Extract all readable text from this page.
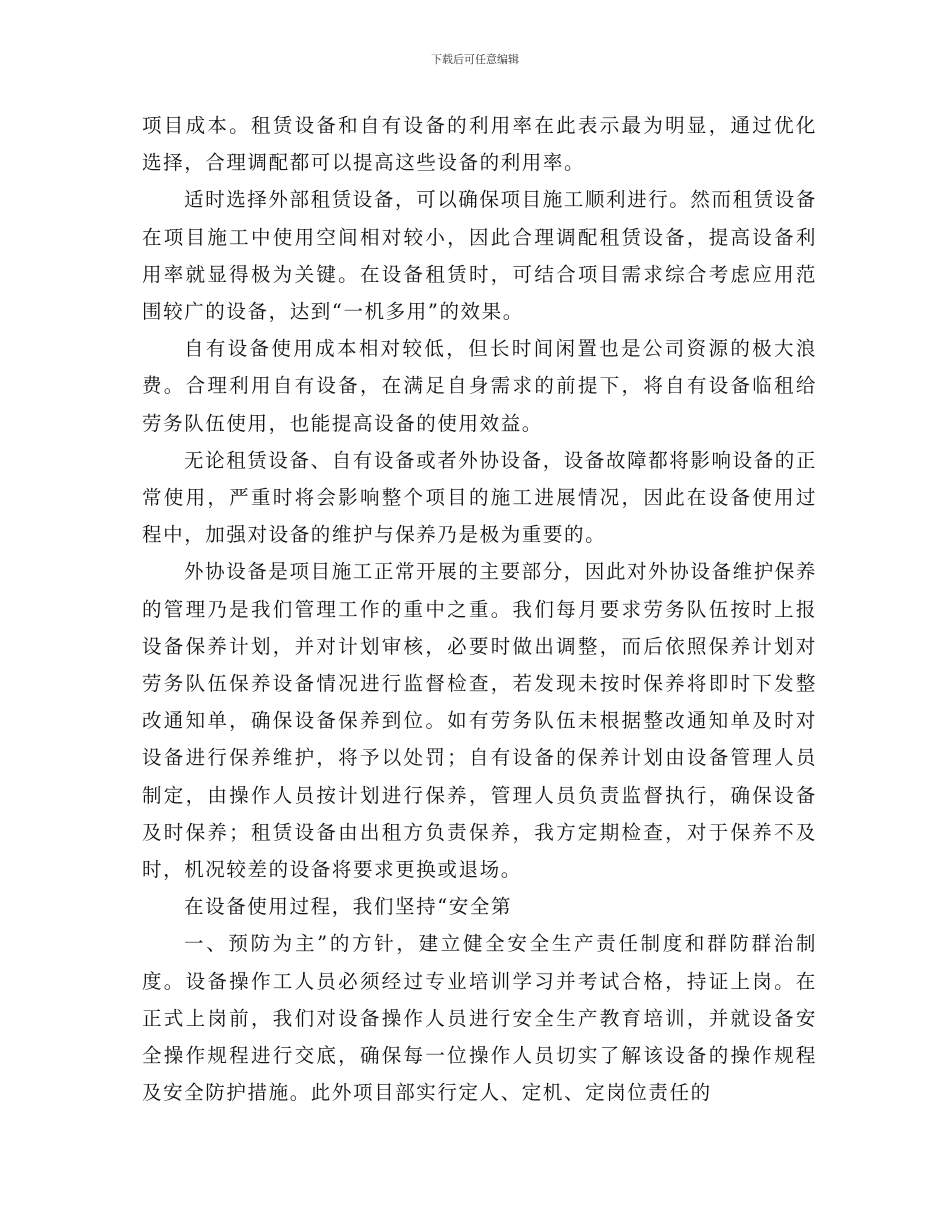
下载后可任意编辑

项目成本。租赁设备和自有设备的利用率在此表示最为明显，通过优化选择，合理调配都可以提高这些设备的利用率。

适时选择外部租赁设备，可以确保项目施工顺利进行。然而租赁设备在项目施工中使用空间相对较小，因此合理调配租赁设备，提高设备利用率就显得极为关键。在设备租赁时，可结合项目需求综合考虑应用范围较广的设备，达到“一机多用”的效果。

自有设备使用成本相对较低，但长时间闲置也是公司资源的极大浪费。合理利用自有设备，在满足自身需求的前提下，将自有设备临租给劳务队伍使用，也能提高设备的使用效益。

无论租赁设备、自有设备或者外协设备，设备故障都将影响设备的正常使用，严重时将会影响整个项目的施工进展情况，因此在设备使用过程中，加强对设备的维护与保养乃是极为重要的。

外协设备是项目施工正常开展的主要部分，因此对外协设备维护保养的管理乃是我们管理工作的重中之重。我们每月要求劳务队伍按时上报设备保养计划，并对计划审核，必要时做出调整，而后依照保养计划对劳务队伍保养设备情况进行监督检查，若发现未按时保养将即时下发整改通知单，确保设备保养到位。如有劳务队伍未根据整改通知单及时对设备进行保养维护，将予以处罚；自有设备的保养计划由设备管理人员制定，由操作人员按计划进行保养，管理人员负责监督执行，确保设备及时保养；租赁设备由出租方负责保养，我方定期检查，对于保养不及时，机况较差的设备将要求更换或退场。

在设备使用过程，我们坚持“安全第

一、预防为主”的方针，建立健全安全生产责任制度和群防群治制度。设备操作工人员必须经过专业培训学习并考试合格，持证上岗。在正式上岗前，我们对设备操作人员进行安全生产教育培训，并就设备安全操作规程进行交底，确保每一位操作人员切实了解该设备的操作规程及安全防护措施。此外项目部实行定人、定机、定岗位责任的
